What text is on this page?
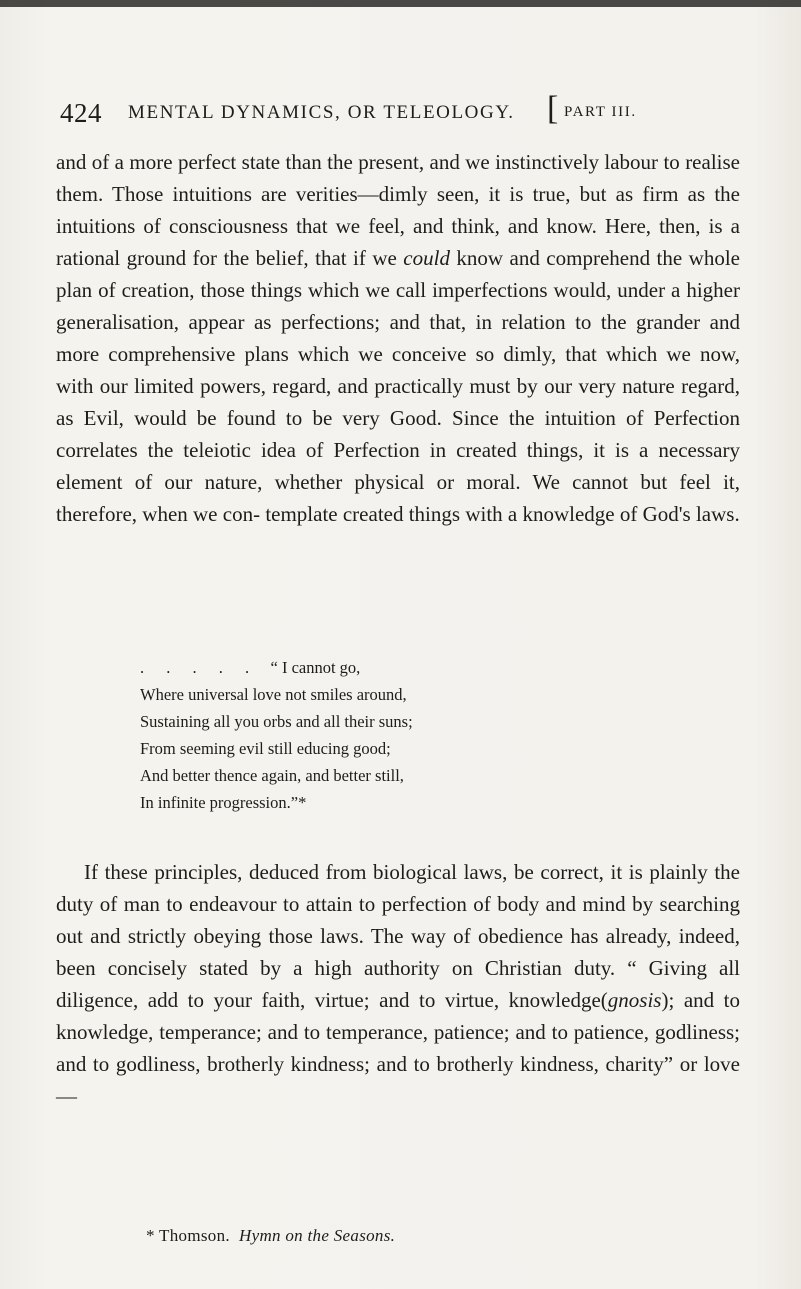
424 MENTAL DYNAMICS, OR TELEOLOGY. [ PART III.

and of a more perfect state than the present, and we instinctively labour to realise them. Those intuitions are verities—dimly seen, it is true, but as firm as the intuitions of consciousness that we feel, and think, and know. Here, then, is a rational ground for the belief, that if we could know and comprehend the whole plan of creation, those things which we call imperfections would, under a higher generalisation, appear as perfections; and that, in relation to the grander and more comprehensive plans which we conceive so dimly, that which we now, with our limited powers, regard, and practically must by our very nature regard, as Evil, would be found to be very Good. Since the intuition of Perfection correlates the teleiotic idea of Perfection in created things, it is a necessary element of our nature, whether physical or moral. We cannot but feel it, therefore, when we con- template created things with a knowledge of God's laws.

. . . . . “ I cannot go,
Where universal love not smiles around,
Sustaining all you orbs and all their suns;
From seeming evil still educing good;
And better thence again, and better still,
In infinite progression.”*

If these principles, deduced from biological laws, be correct, it is plainly the duty of man to endeavour to attain to perfection of body and mind by searching out and strictly obeying those laws. The way of obedience has already, indeed, been concisely stated by a high authority on Christian duty. “ Giving all diligence, add to your faith, virtue; and to virtue, knowledge(gnosis); and to knowledge, temperance; and to temperance, patience; and to patience, godliness; and to godliness, brotherly kindness; and to brotherly kindness, charity” or love—

* Thomson. Hymn on the Seasons.
